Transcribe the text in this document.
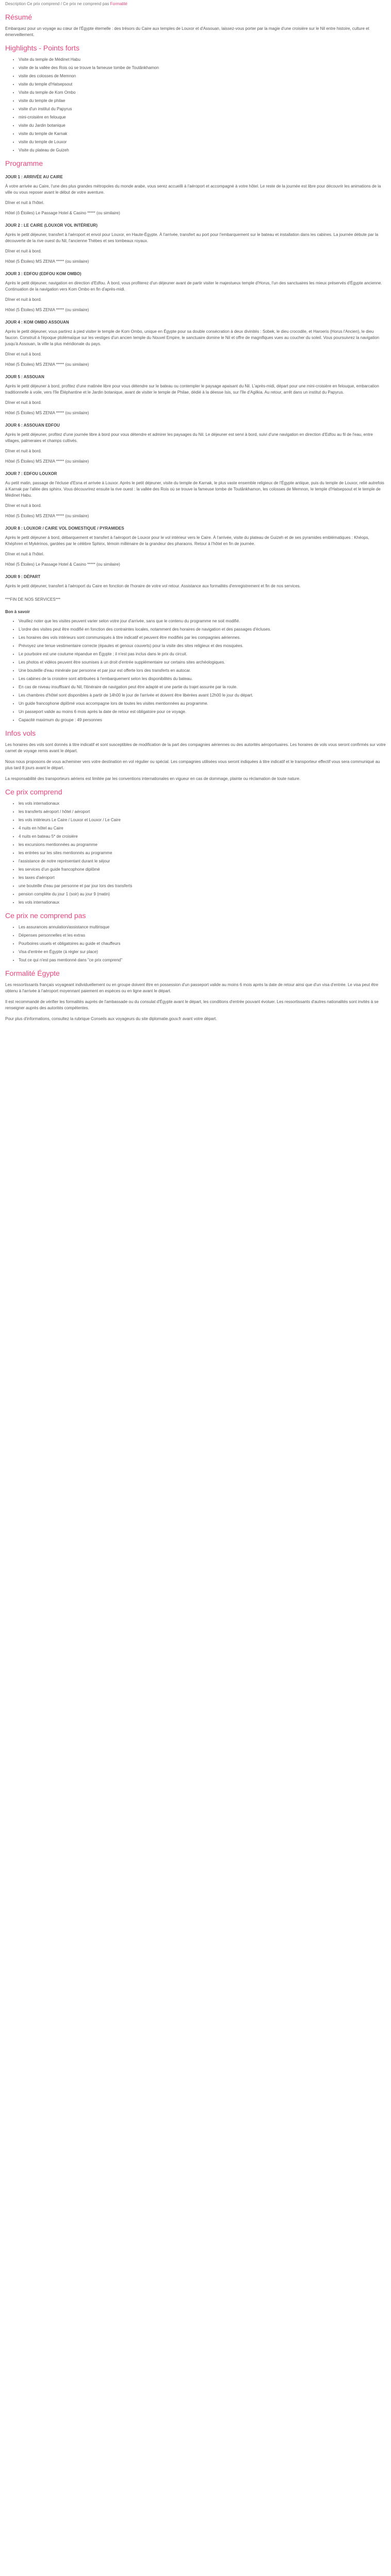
Description Ce prix comprend / Ce prix ne comprend pas Formalité
Résumé

Embarquez pour un voyage au cœur de l'Égypte éternelle : des trésors du Caire aux temples de Louxor et d'Assouan, laissez-vous porter par la magie d'une croisière sur le Nil entre histoire, culture et émerveillement.

Highlights - Points forts
• Visite du temple de Médinet Habu
• visite de la vallée des Rois où se trouve la fameuse tombe de Toutânkhamon
• visite des colosses de Memnon
• visite du temple d'Hatsepsout
• Visite du temple de Kom Ombo
• visite du temple de philae
• visite d'un institut du Papyrus
• mini-croisière en felouque
• visite du Jardin botanique
• visite du temple de Karnak
• visite du temple de Louxor
• Visite du plateau de Guizeh
Programme
JOUR 1 : ARRIVÉE AU CAIRE

À votre arrivée au Caire, l'une des plus grandes métropoles du monde arabe, vous serez accueilli à l'aéroport et accompagné à votre hôtel. Le reste de la journée est libre pour découvrir les animations de la ville ou vous reposer avant le début de votre aventure.

Dîner et nuit à l'hôtel.
Hôtel (ô Étoiles) Le Passage Hotel & Casino ***** (ou similaire)
JOUR 2 : LE CAIRE (LOUXOR VOL INTÉRIEUR)

Après le petit déjeuner, transfert à l'aéroport et envol pour Louxor, en Haute-Égypte. À l'arrivée, transfert au port pour l'embarquement sur le bateau et installation dans les cabines. La journée débute par la découverte de la rive ouest du Nil, l'ancienne Thèbes et ses tombeaux royaux.

Dîner et nuit à bord.
Hôtel (5 Étoiles) MS ZENIA ***** (ou similaire)
JOUR 3 : EDFOU (EDFOU KOM OMBO)

Après le petit déjeuner, navigation en direction d'Edfou. À bord, vous profiterez d'un déjeuner avant de partir visiter le majestueux temple d'Horus, l'un des sanctuaires les mieux préservés d'Égypte ancienne. Continuation de la navigation vers Kom Ombo en fin d'après-midi.

Dîner et nuit à bord.
Hôtel (5 Étoiles) MS ZENIA ***** (ou similaire)
JOUR 4 : KOM OMBO ASSOUAN

Après le petit déjeuner, vous partirez à pied visiter le temple de Kom Ombo, unique en Égypte pour sa double consécration à deux divinités : Sobek, le dieu crocodile, et Haroeris (Horus l'Ancien), le dieu faucon. Construit à l'époque ptolémaïque sur les vestiges d'un ancien temple du Nouvel Empire, le sanctuaire domine le Nil et offre de magnifiques vues au coucher du soleil. Vous poursuivrez la navigation jusqu'à Assouan, la ville la plus méridionale du pays.

Dîner et nuit à bord.
Hôtel (5 Étoiles) MS ZENIA ***** (ou similaire)
JOUR 5 : ASSOUAN

Après le petit déjeuner à bord, profitez d'une matinée libre pour vous détendre sur le bateau ou contempler le paysage apaisant du Nil. L'après-midi, départ pour une mini-croisière en felouque, embarcation traditionnelle à voile, vers l'île Éléphantine et le Jardin botanique, avant de visiter le temple de Philae, dédié à la déesse Isis, sur l'île d'Agilkia. Au retour, arrêt dans un institut du Papyrus.

Dîner et nuit à bord.
Hôtel (5 Étoiles) MS ZENIA ***** (ou similaire)
JOUR 6 : ASSOUAN EDFOU

Après le petit déjeuner, profitez d'une journée libre à bord pour vous détendre et admirer les paysages du Nil. Le déjeuner est servi à bord, suivi d'une navigation en direction d'Edfou au fil de l'eau, entre villages, palmeraies et champs cultivés.

Dîner et nuit à bord.
Hôtel (5 Étoiles) MS ZENIA ***** (ou similaire)
JOUR 7 : EDFOU LOUXOR

Au petit matin, passage de l'écluse d'Esna et arrivée à Louxor. Après le petit déjeuner, visite du temple de Karnak, le plus vaste ensemble religieux de l'Égypte antique, puis du temple de Louxor, relié autrefois à Karnak par l'allée des sphinx. Vous découvrirez ensuite la rive ouest : la vallée des Rois où se trouve la fameuse tombe de Toutânkhamon, les colosses de Memnon, le temple d'Hatsepsout et le temple de Médinet Habu.

Dîner et nuit à bord.
Hôtel (5 Étoiles) MS ZENIA ***** (ou similaire)
JOUR 8 : LOUXOR / CAIRE VOL DOMESTIQUE / PYRAMIDES

Après le petit déjeuner à bord, débarquement et transfert à l'aéroport de Louxor pour le vol intérieur vers le Caire. À l'arrivée, visite du plateau de Guizeh et de ses pyramides emblématiques : Khéops, Khéphren et Mykérinos, gardées par le célèbre Sphinx, témoin millénaire de la grandeur des pharaons. Retour à l'hôtel en fin de journée.

Dîner et nuit à l'hôtel.
Hôtel (5 Étoiles) Le Passage Hotel & Casino ***** (ou similaire)
JOUR 9 : DÉPART

Après le petit déjeuner, transfert à l'aéroport du Caire en fonction de l'horaire de votre vol retour. Assistance aux formalités d'enregistrement et fin de nos services.

***FIN DE NOS SERVICES***

Bon à savoir
• Veuillez noter que les visites peuvent varier selon votre jour d'arrivée, sans que le contenu du programme ne soit modifié.
• L'ordre des visites peut être modifié en fonction des contraintes locales, notamment des horaires de navigation et des passages d'écluses.
• Les horaires des vols intérieurs sont communiqués à titre indicatif et peuvent être modifiés par les compagnies aériennes.
• Prévoyez une tenue vestimentaire correcte (épaules et genoux couverts) pour la visite des sites religieux et des mosquées.
• Le pourboire est une coutume répandue en Égypte ; il n'est pas inclus dans le prix du circuit.
• Les photos et vidéos peuvent être soumises à un droit d'entrée supplémentaire sur certains sites archéologiques.
• Une bouteille d'eau minérale par personne et par jour est offerte lors des transferts en autocar.
• Les cabines de la croisière sont attribuées à l'embarquement selon les disponibilités du bateau.
• En cas de niveau insuffisant du Nil, l'itinéraire de navigation peut être adapté et une partie du trajet assurée par la route.
• Les chambres d'hôtel sont disponibles à partir de 14h00 le jour de l'arrivée et doivent être libérées avant 12h00 le jour du départ.
• Un guide francophone diplômé vous accompagne lors de toutes les visites mentionnées au programme.
• Un passeport valide au moins 6 mois après la date de retour est obligatoire pour ce voyage.
• Capacité maximum du groupe : 49 personnes
Infos vols

Les horaires des vols sont donnés à titre indicatif et sont susceptibles de modification de la part des compagnies aériennes ou des autorités aéroportuaires. Les horaires de vols vous seront confirmés sur votre carnet de voyage remis avant le départ.

Nous nous proposons de vous acheminer vers votre destination en vol régulier ou spécial. Les compagnies utilisées vous seront indiquées à titre indicatif et le transporteur effectif vous sera communiqué au plus tard 8 jours avant le départ.

La responsabilité des transporteurs aériens est limitée par les conventions internationales en vigueur en cas de dommage, plainte ou réclamation de toute nature.

Ce prix comprend
• les vols internationaux
• les transferts aéroport / hôtel / aéroport
• les vols intérieurs Le Caire / Louxor et Louxor / Le Caire
• 4 nuits en hôtel au Caire
• 4 nuits en bateau 5* de croisière
• les excursions mentionnées au programme
• les entrées sur les sites mentionnés au programme
• l'assistance de notre représentant durant le séjour
• les services d'un guide francophone diplômé
• les taxes d'aéroport
• une bouteille d'eau par personne et par jour lors des transferts
• pension complète du jour 1 (soir) au jour 9 (matin)
• les vols internationaux
Ce prix ne comprend pas
• Les assurances annulation/assistance multirisque
• Dépenses personnelles et les extras
• Pourboires usuels et obligatoires au guide et chauffeurs
• Visa d'entrée en Égypte (à régler sur place)
• Tout ce qui n'est pas mentionné dans "ce prix comprend"
Formalité Égypte

Les ressortissants français voyageant individuellement ou en groupe doivent être en possession d'un passeport valide au moins 6 mois après la date de retour ainsi que d'un visa d'entrée. Le visa peut être obtenu à l'arrivée à l'aéroport moyennant paiement en espèces ou en ligne avant le départ.

Il est recommandé de vérifier les formalités auprès de l'ambassade ou du consulat d'Égypte avant le départ, les conditions d'entrée pouvant évoluer. Les ressortissants d'autres nationalités sont invités à se renseigner auprès des autorités compétentes.

Pour plus d'informations, consultez la rubrique Conseils aux voyageurs du site diplomatie.gouv.fr avant votre départ.
